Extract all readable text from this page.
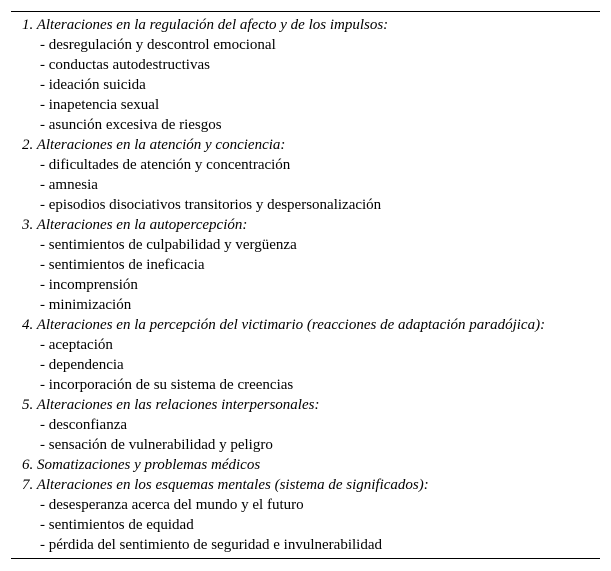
1. Alteraciones en la regulación del afecto y de los impulsos:
- desregulación y descontrol emocional
- conductas autodestructivas
- ideación suicida
- inapetencia sexual
- asunción excesiva de riesgos
2. Alteraciones en la atención y conciencia:
- dificultades de atención y concentración
- amnesia
- episodios disociativos transitorios y despersonalización
3. Alteraciones en la autopercepción:
- sentimientos de culpabilidad y vergüenza
- sentimientos de ineficacia
- incomprensión
- minimización
4. Alteraciones en la percepción del victimario (reacciones de adaptación paradójica):
- aceptación
- dependencia
- incorporación de su sistema de creencias
5. Alteraciones en las relaciones interpersonales:
- desconfianza
- sensación de vulnerabilidad y peligro
6. Somatizaciones y problemas médicos
7. Alteraciones en los esquemas mentales (sistema de significados):
- desesperanza acerca del mundo y el futuro
- sentimientos de equidad
- pérdida del sentimiento de seguridad e invulnerabilidad
